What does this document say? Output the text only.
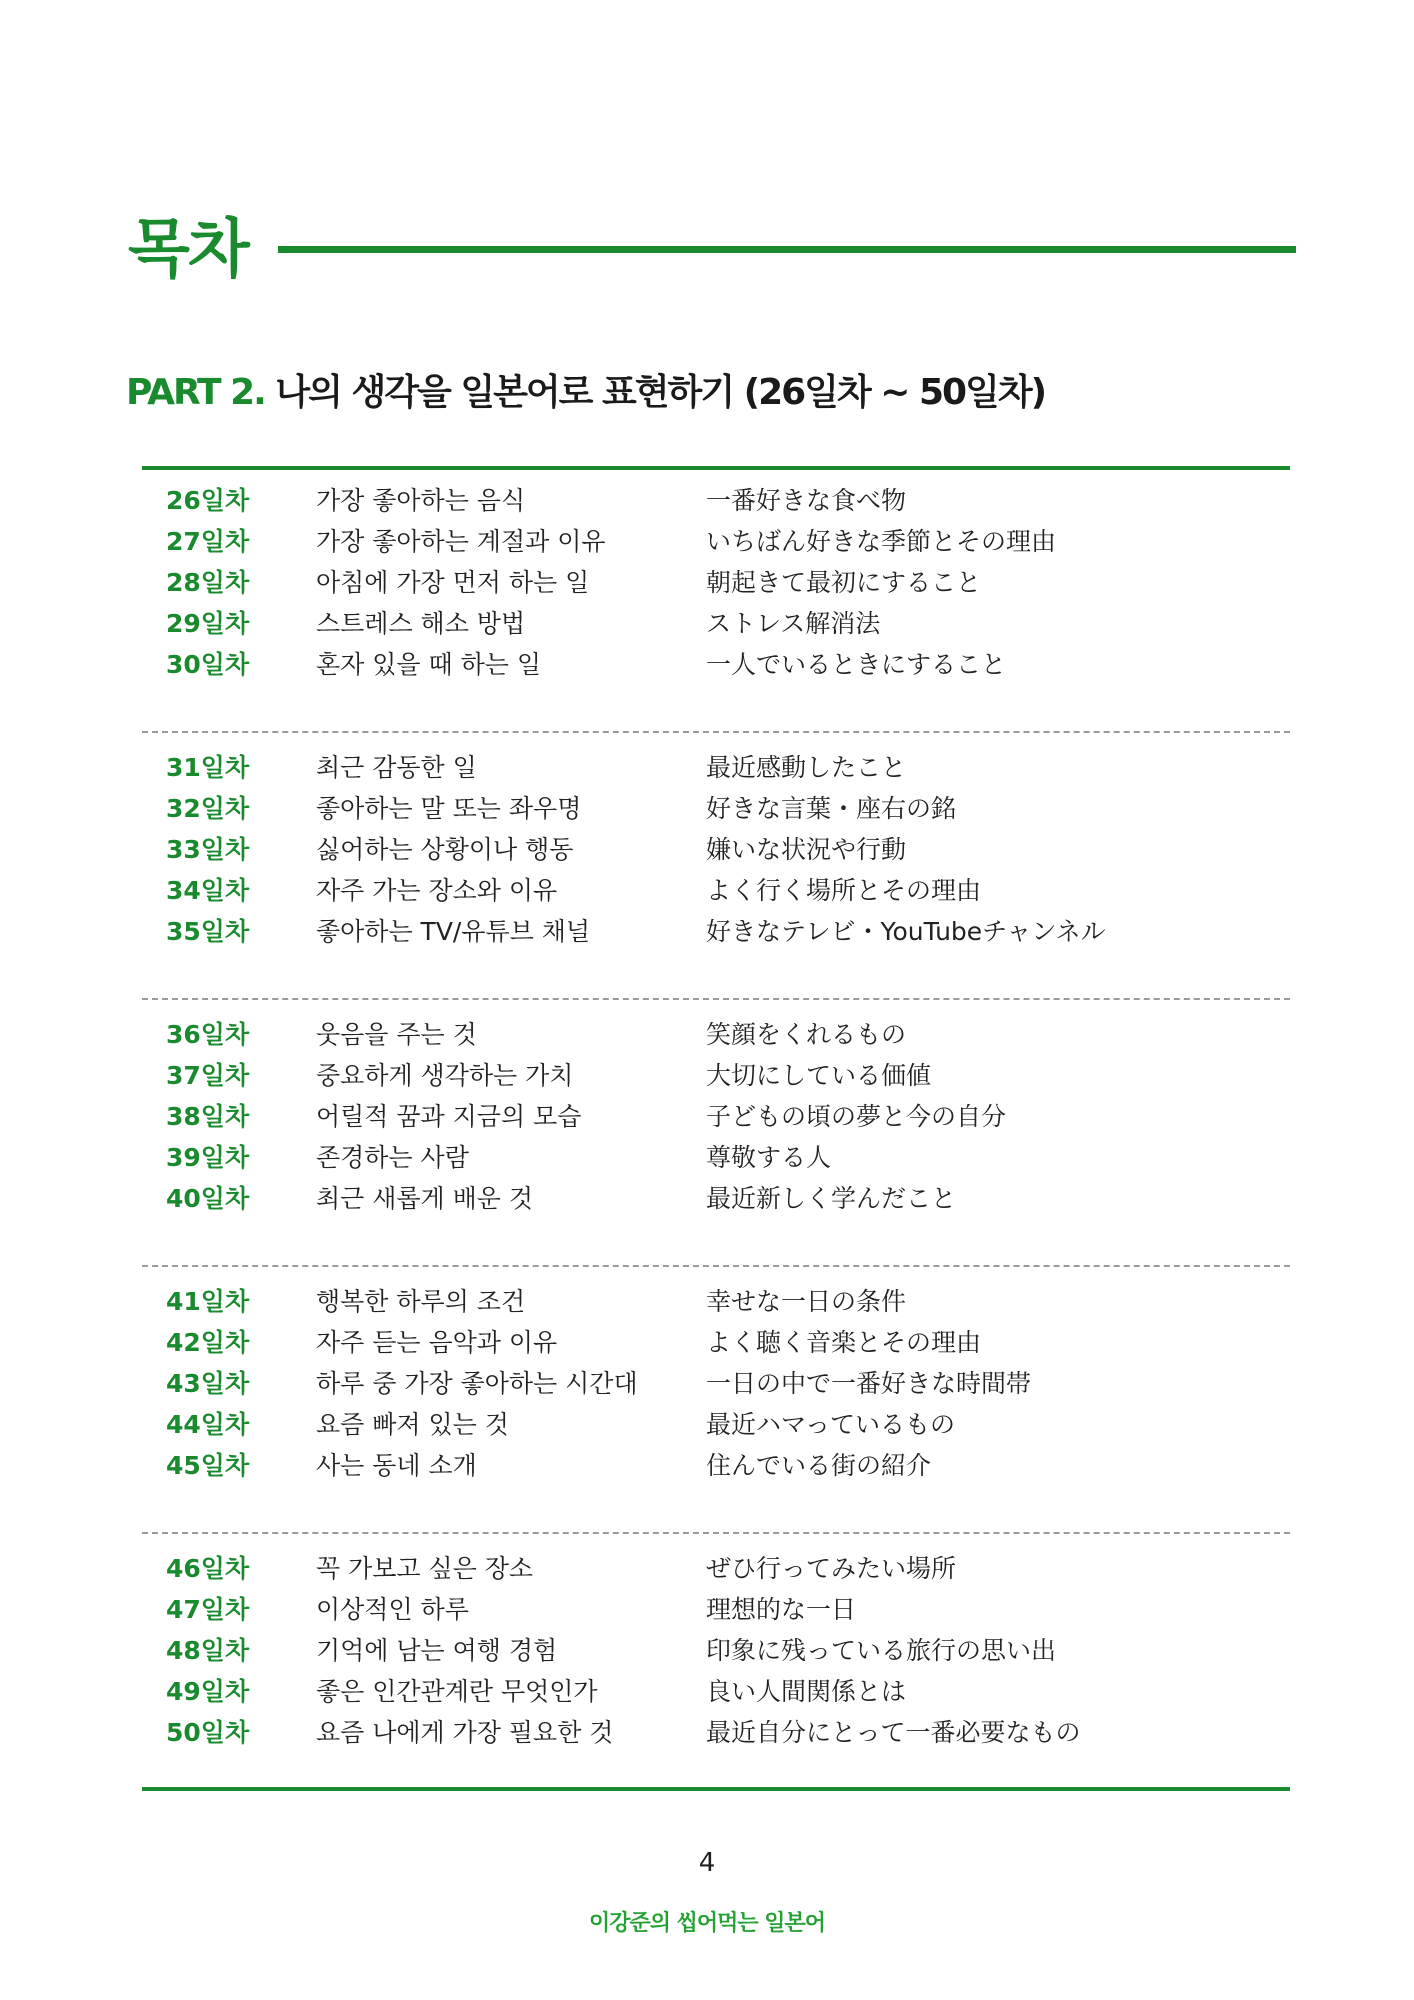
목차
PART 2. 나의 생각을 일본어로 표현하기 (26일차 ~ 50일차)
26일차	가장 좋아하는 음식	一番好きな食べ物
27일차	가장 좋아하는 계절과 이유	いちばん好きな季節とその理由
28일차	아침에 가장 먼저 하는 일	朝起きて最初にすること
29일차	스트레스 해소 방법	ストレス解消法
30일차	혼자 있을 때 하는 일	一人でいるときにすること
31일차	최근 감동한 일	最近感動したこと
32일차	좋아하는 말 또는 좌우명	好きな言葉・座右の銘
33일차	싫어하는 상황이나 행동	嫌いな状況や行動
34일차	자주 가는 장소와 이유	よく行く場所とその理由
35일차	좋아하는 TV/유튜브 채널	好きなテレビ・YouTubeチャンネル
36일차	웃음을 주는 것	笑顔をくれるもの
37일차	중요하게 생각하는 가치	大切にしている価値
38일차	어릴적 꿈과 지금의 모습	子どもの頃の夢と今の自分
39일차	존경하는 사람	尊敬する人
40일차	최근 새롭게 배운 것	最近新しく学んだこと
41일차	행복한 하루의 조건	幸せな一日の条件
42일차	자주 듣는 음악과 이유	よく聴く音楽とその理由
43일차	하루 중 가장 좋아하는 시간대	一日の中で一番好きな時間帯
44일차	요즘 빠져 있는 것	最近ハマっているもの
45일차	사는 동네 소개	住んでいる街の紹介
46일차	꼭 가보고 싶은 장소	ぜひ行ってみたい場所
47일차	이상적인 하루	理想的な一日
48일차	기억에 남는 여행 경험	印象に残っている旅行の思い出
49일차	좋은 인간관계란 무엇인가	良い人間関係とは
50일차	요즘 나에게 가장 필요한 것	最近自分にとって一番必要なもの
4
이강준의 씹어먹는 일본어
